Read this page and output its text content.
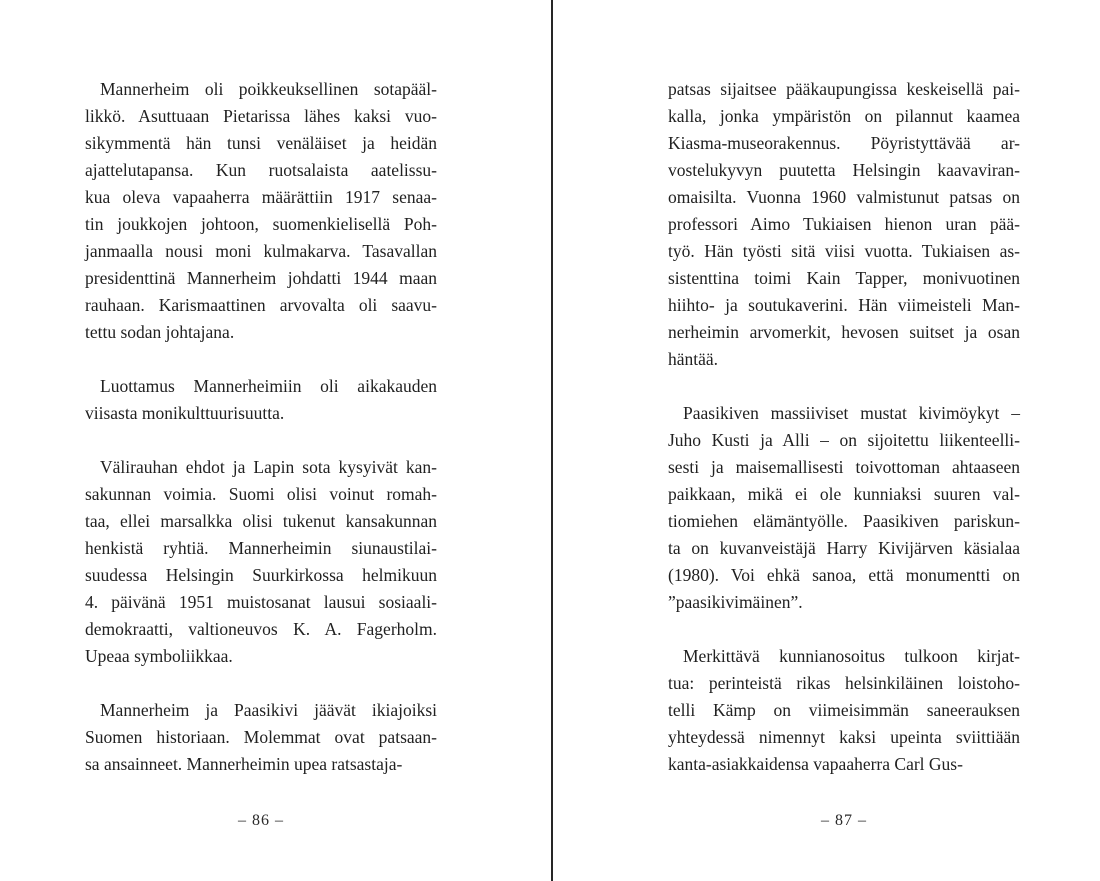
Mannerheim oli poikkeuksellinen sotapääl-
likkö. Asuttuaan Pietarissa lähes kaksi vuo-
sikymmentä hän tunsi venäläiset ja heidän
ajattelutapansa. Kun ruotsalaista aatelissu-
kua oleva vapaaherra määrättiin 1917 senaa-
tin joukkojen johtoon, suomenkielisellä Poh-
janmaalla nousi moni kulmakarva. Tasavallan
presidenttinä Mannerheim johdatti 1944 maan
rauhaan. Karismaattinen arvovalta oli saavu-
tettu sodan johtajana.
Luottamus Mannerheimiin oli aikakauden
viisasta monikulttuurisuutta.
Välirauhan ehdot ja Lapin sota kysyivät kan-
sakunnan voimia. Suomi olisi voinut romah-
taa, ellei marsalkka olisi tukenut kansakunnan
henkistä ryhtiä. Mannerheimin siunaustilai-
suudessa Helsingin Suurkirkossa helmikuun
4. päivänä 1951 muistosanat lausui sosiaali-
demokraatti, valtioneuvos K. A. Fagerholm.
Upeaa symboliikkaa.
Mannerheim ja Paasikivi jäävät ikiajoiksi
Suomen historiaan. Molemmat ovat patsaan-
sa ansainneet. Mannerheimin upea ratsastaja-
– 86 –
patsas sijaitsee pääkaupungissa keskeisellä pai-
kalla, jonka ympäristön on pilannut kaamea
Kiasma-museorakennus. Pöyristyttävää ar-
vostelukyvyn puutetta Helsingin kaavaviran-
omaisilta. Vuonna 1960 valmistunut patsas on
professori Aimo Tukiaisen hienon uran pää-
työ. Hän työsti sitä viisi vuotta. Tukiaisen as-
sistenttina toimi Kain Tapper, monivuotinen
hiihto- ja soutukaverini. Hän viimeisteli Man-
nerheimin arvomerkit, hevosen suitset ja osan
häntää.
Paasikiven massiiviset mustat kivimöykyt –
Juho Kusti ja Alli – on sijoitettu liikenteelli-
sesti ja maisemallisesti toivottoman ahtaaseen
paikkaan, mikä ei ole kunniaksi suuren val-
tiomiehen elämäntyölle. Paasikiven pariskun-
ta on kuvanveistäjä Harry Kivijärven käsialaa
(1980). Voi ehkä sanoa, että monumentti on
”paasikivimäinen”.
Merkittävä kunnianosoitus tulkoon kirjat-
tua: perinteistä rikas helsinkiläinen loistoho-
telli Kämp on viimeisimmän saneerauksen
yhteydessä nimennyt kaksi upeinta sviittiään
kanta-asiakkaidensa vapaaherra Carl Gus-
– 87 –
